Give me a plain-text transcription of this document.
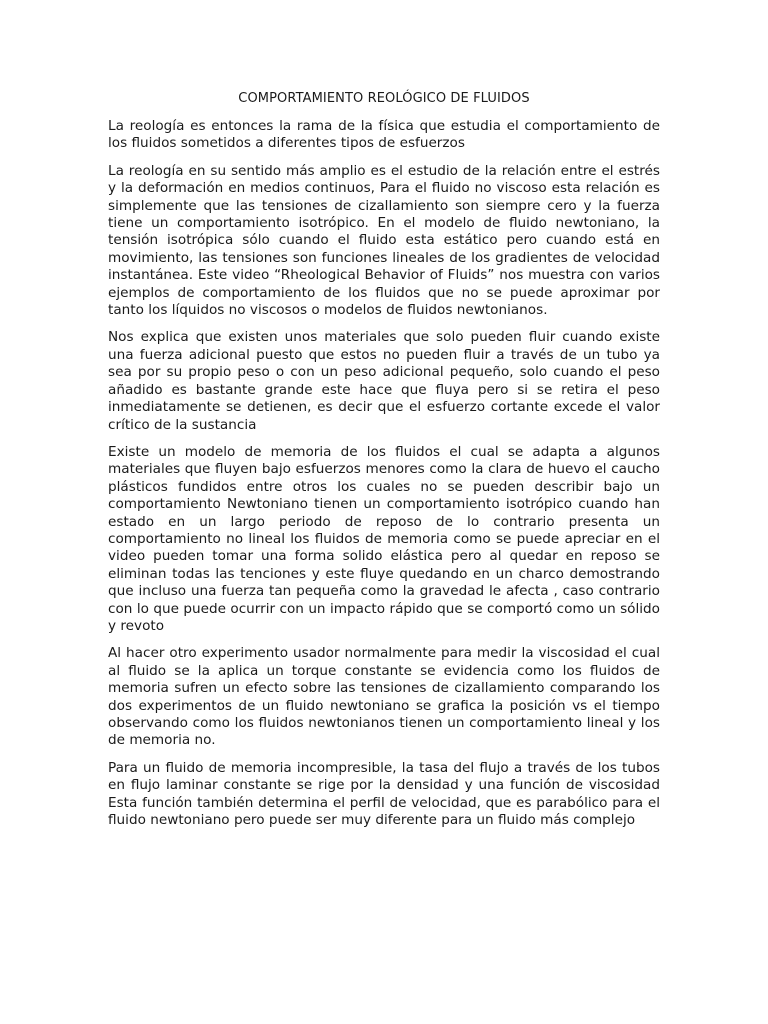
COMPORTAMIENTO REOLÓGICO DE FLUIDOS

La reología es entonces la rama de la física que estudia el comportamiento de los fluidos sometidos a diferentes tipos de esfuerzos

La reología en su sentido más amplio es el estudio de la relación entre el estrés y la deformación en medios continuos, Para el fluido no viscoso esta relación es simplemente que las tensiones de cizallamiento son siempre cero y la fuerza tiene un comportamiento isotrópico. En el modelo de fluido newtoniano, la tensión isotrópica sólo cuando el fluido esta estático pero cuando está en movimiento, las tensiones son funciones lineales de los gradientes de velocidad instantánea. Este video “Rheological Behavior of Fluids” nos muestra con varios ejemplos de comportamiento de los fluidos que no se puede aproximar por tanto los líquidos no viscosos o modelos de fluidos newtonianos.

Nos explica que existen unos materiales que solo pueden fluir cuando existe una fuerza adicional puesto que estos no pueden fluir a través de un tubo ya sea por su propio peso o con un peso adicional pequeño, solo cuando el peso añadido es bastante grande este hace que fluya pero si se retira el peso inmediatamente se detienen, es decir que el esfuerzo cortante excede el valor crítico de la sustancia

Existe un modelo de memoria de los fluidos el cual se adapta a algunos materiales que fluyen bajo esfuerzos menores como la clara de huevo el caucho plásticos fundidos entre otros los cuales no se pueden describir bajo un comportamiento Newtoniano tienen un comportamiento isotrópico cuando han estado en un largo periodo de reposo de lo contrario presenta un comportamiento no lineal los fluidos de memoria como se puede apreciar en el video pueden tomar una forma solido elástica pero al quedar en reposo se eliminan todas las tenciones y este fluye quedando en un charco demostrando que incluso una fuerza tan pequeña como la gravedad le afecta , caso contrario con lo que puede ocurrir con un impacto rápido que se comportó como un sólido y revoto

Al hacer otro experimento usador normalmente para medir la viscosidad el cual al fluido se la aplica un torque constante se evidencia como los fluidos de memoria sufren un efecto sobre las tensiones de cizallamiento comparando los dos experimentos de un fluido newtoniano se grafica la posición vs el tiempo observando como los fluidos newtonianos tienen un comportamiento lineal y los de memoria no.

Para un fluido de memoria incompresible, la tasa del flujo a través de los tubos en flujo laminar constante se rige por la densidad y una función de viscosidad Esta función también determina el perfil de velocidad, que es parabólico para el fluido newtoniano pero puede ser muy diferente para un fluido más complejo
